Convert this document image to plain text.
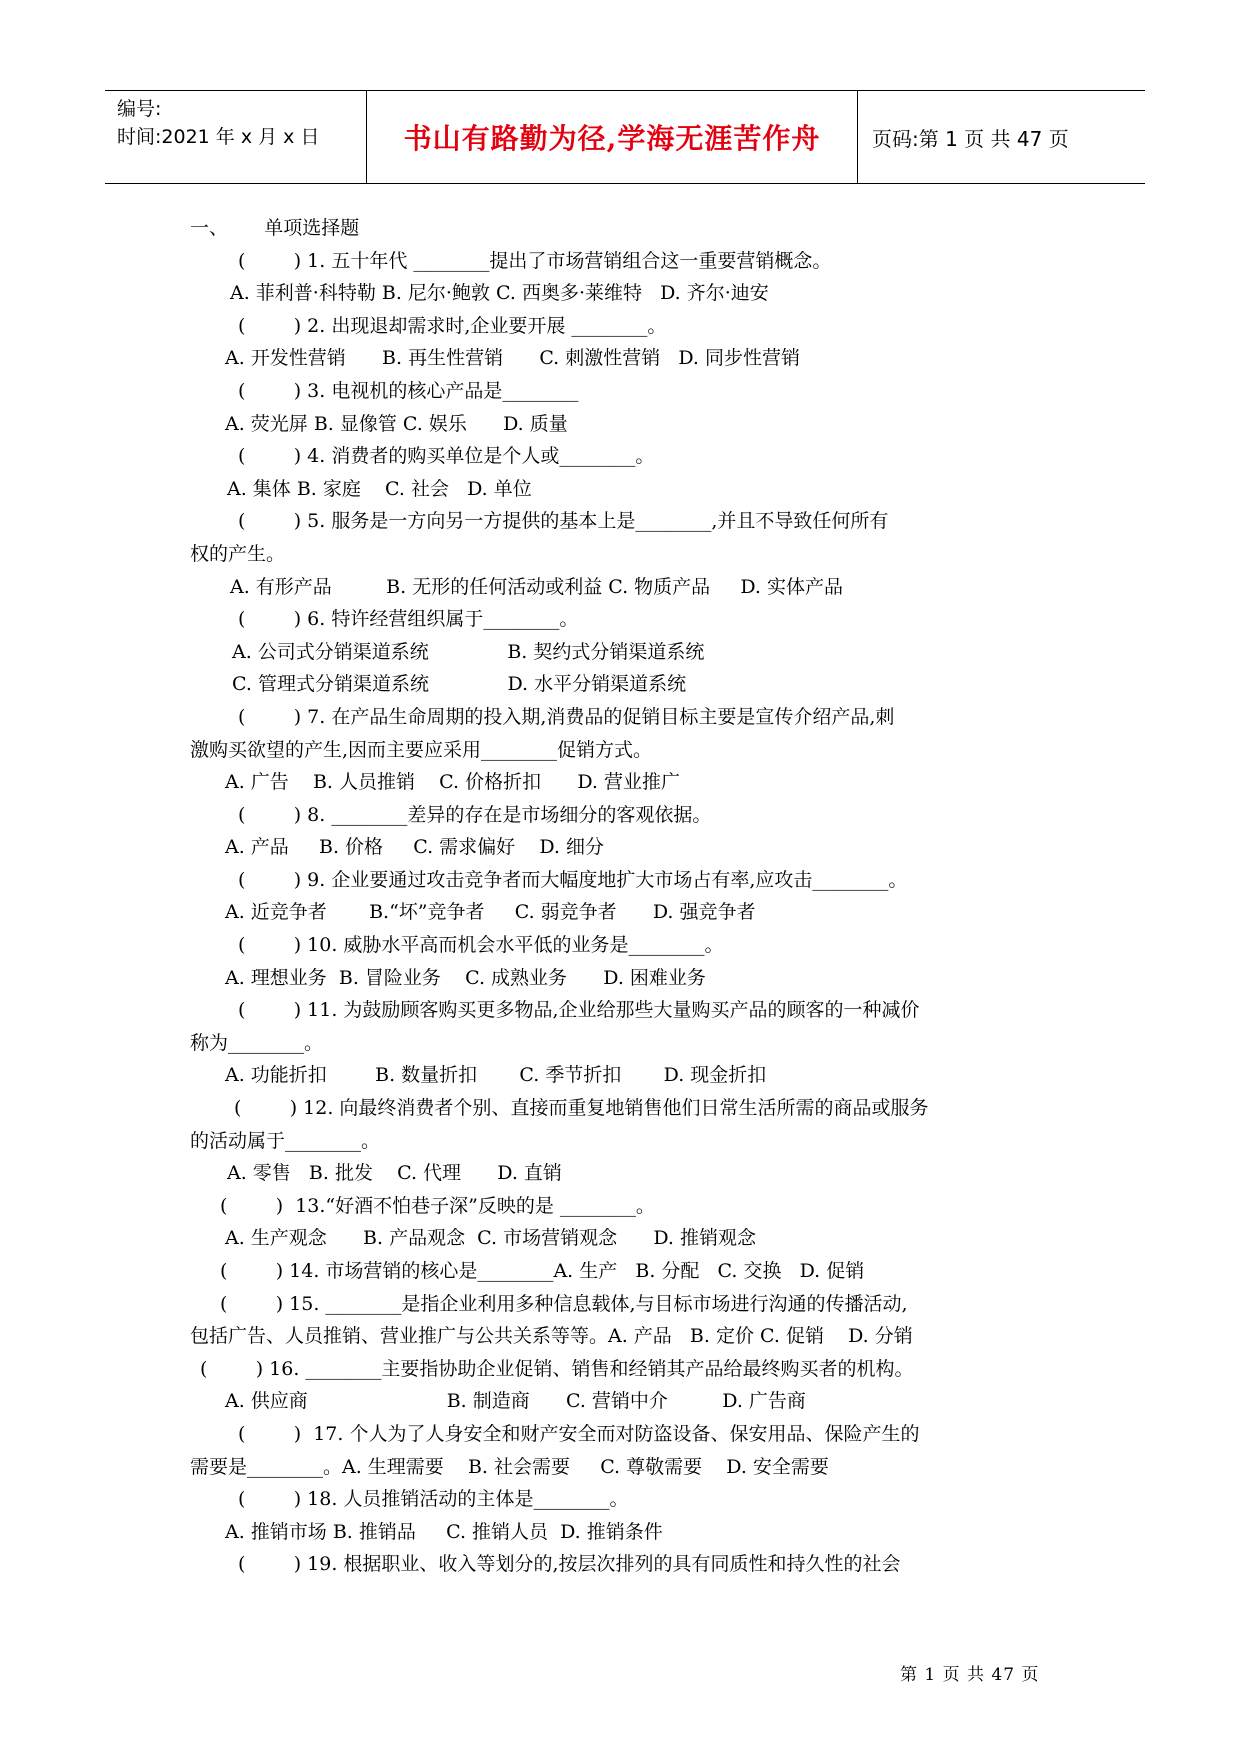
编号:
时间:2021 年 x 月 x 日	书山有路勤为径,学海无涯苦作舟	页码:第 1 页 共 47 页
一、      单项选择题
(        ) 1. 五十年代 ________提出了市场营销组合这一重要营销概念。
A. 菲利普·科特勒 B. 尼尔·鲍敦 C. 西奥多·莱维特   D. 齐尔·迪安
(        ) 2. 出现退却需求时,企业要开展 ________。
A. 开发性营销      B. 再生性营销      C. 刺激性营销   D. 同步性营销
(        ) 3. 电视机的核心产品是________
A. 荧光屏 B. 显像管 C. 娱乐      D. 质量
(        ) 4. 消费者的购买单位是个人或________。
A. 集体 B. 家庭    C. 社会   D. 单位
(        ) 5. 服务是一方向另一方提供的基本上是________,并且不导致任何所有
权的产生。
A. 有形产品         B. 无形的任何活动或利益 C. 物质产品     D. 实体产品
(        ) 6. 特许经营组织属于________。
A. 公司式分销渠道系统             B. 契约式分销渠道系统
C. 管理式分销渠道系统             D. 水平分销渠道系统
(        ) 7. 在产品生命周期的投入期,消费品的促销目标主要是宣传介绍产品,刺
激购买欲望的产生,因而主要应采用________促销方式。
A. 广告    B. 人员推销    C. 价格折扣      D. 营业推广
(        ) 8. ________差异的存在是市场细分的客观依据。
A. 产品     B. 价格     C. 需求偏好    D. 细分
(        ) 9. 企业要通过攻击竞争者而大幅度地扩大市场占有率,应攻击________。
A. 近竞争者       B.“坏”竞争者     C. 弱竞争者      D. 强竞争者
(        ) 10. 威胁水平高而机会水平低的业务是________。
A. 理想业务  B. 冒险业务    C. 成熟业务      D. 困难业务
(        ) 11. 为鼓励顾客购买更多物品,企业给那些大量购买产品的顾客的一种减价
称为________。
A. 功能折扣        B. 数量折扣       C. 季节折扣       D. 现金折扣
(        ) 12. 向最终消费者个别、直接而重复地销售他们日常生活所需的商品或服务
的活动属于________。
A. 零售   B. 批发    C. 代理      D. 直销
(        )  13.“好酒不怕巷子深”反映的是 ________。
A. 生产观念      B. 产品观念  C. 市场营销观念      D. 推销观念
(        ) 14. 市场营销的核心是________A. 生产   B. 分配   C. 交换   D. 促销
(        ) 15. ________是指企业利用多种信息载体,与目标市场进行沟通的传播活动,
包括广告、人员推销、营业推广与公共关系等等。A. 产品   B. 定价 C. 促销    D. 分销
(        ) 16. ________主要指协助企业促销、销售和经销其产品给最终购买者的机构。
A. 供应商                       B. 制造商      C. 营销中介         D. 广告商
(        )  17. 个人为了人身安全和财产安全而对防盗设备、保安用品、保险产生的
需要是________。A. 生理需要    B. 社会需要     C. 尊敬需要    D. 安全需要
(        ) 18. 人员推销活动的主体是________。
A. 推销市场 B. 推销品     C. 推销人员  D. 推销条件
(        ) 19. 根据职业、收入等划分的,按层次排列的具有同质性和持久性的社会
第 1 页 共 47 页
